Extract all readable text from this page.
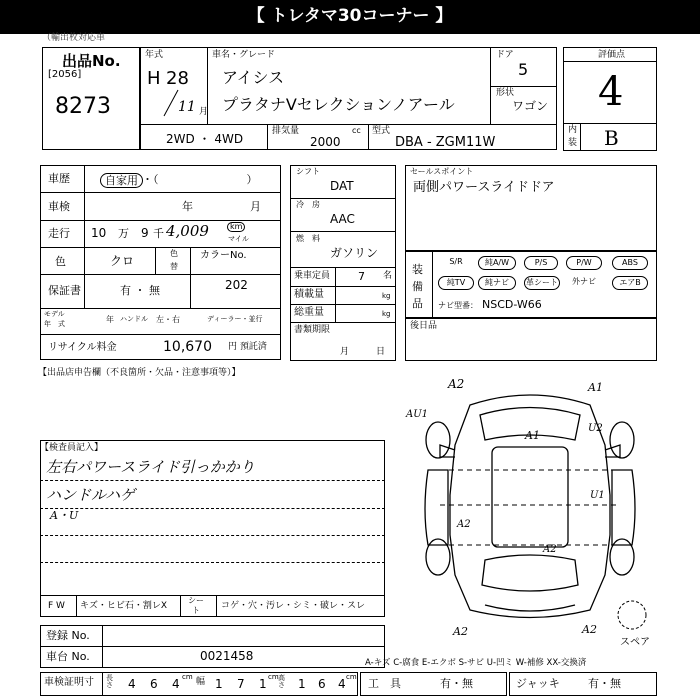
【 トレタマ30コーナー 】
（輸出枚対応車
出品No.
[2056]
8273
年式
H 28
11 月
車名・グレード
アイシス
プラタナVセレクションノアール
ドア
5
形状
ワゴン
2WD ・ 4WD
排気量
2000
cc 型式
DBA - ZGM11W
評価点
4
内
装 B
車歴	自家用 ・（　　　　　　　　）
車検	年	月
走行 10 万 9 千 4,009	km
マイル
色	クロ
色
替
カラーNo.
202
保証書	有 ・ 無
モデル
年　式	年 ハンドル 左・右	ディーラー・並行
リサイクル料金	10,670 円 預託済
シフト
DAT
冷　房
AAC
燃　料
ガソリン
乗車定員	7 名
積載量	kg
総重量	kg
書類期限
月	日
セールスポイント
両側パワースライドドア
装
備
品
S/R	純A/W	P/S	P/W	ABS
純TV	純ナビ	革シート	外ナビ	エアB
ナビ型番： NSCD-W66
後日品
【出品店申告欄（不良箇所・欠品・注意事項等）】
【検査員記入】
左右パワースライド引っかかり
ハンドルハゲ
A・U
A2	A1
AU1
U2
A1
U1
A2
A2
A2	A2
スペア
F W キズ・ヒビ石・割レX
シー
ト コゲ・穴・汚レ・シミ・破レ・スレ
登録 No.
車台 No.	0021458
車検証明寸 長さ 4 6 4 cm 幅 1 7 1 cm 高さ 1 6 4 cm
A-キズ C-腐食 E-エクボ S-サビ U-凹ミ W-補修 XX-交換済
工　具	有・無	ジャッキ	有・無
